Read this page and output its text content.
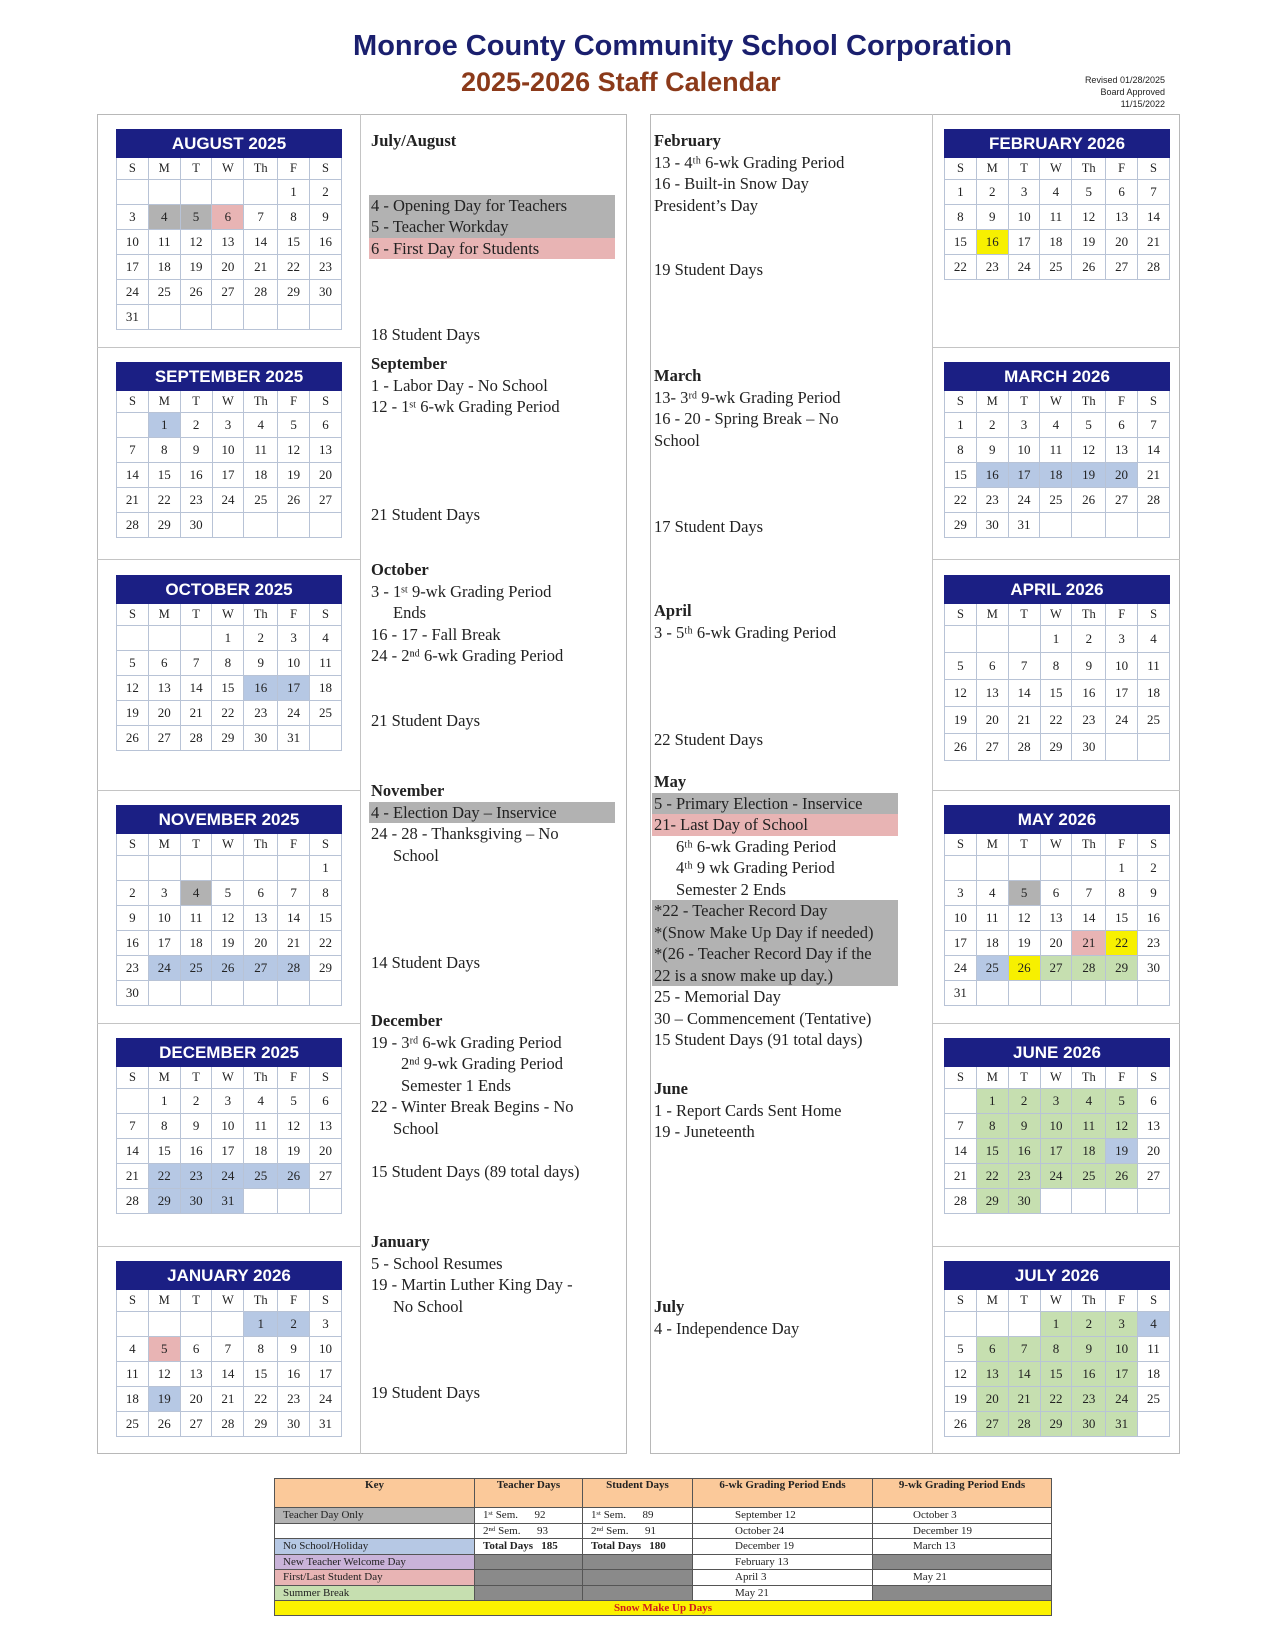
Monroe County Community School Corporation
2025-2026 Staff Calendar	Revised 01/28/2025
Board Approved
11/15/2022
AUGUST 2025						
S	M	T	W	Th	F	S
					1	2
3	4	5	6	7	8	9
10	11	12	13	14	15	16
17	18	19	20	21	22	23
24	25	26	27	28	29	30
31						
SEPTEMBER 2025						
S	M	T	W	Th	F	S
	1	2	3	4	5	6
7	8	9	10	11	12	13
14	15	16	17	18	19	20
21	22	23	24	25	26	27
28	29	30				
OCTOBER 2025						
S	M	T	W	Th	F	S
			1	2	3	4
5	6	7	8	9	10	11
12	13	14	15	16	17	18
19	20	21	22	23	24	25
26	27	28	29	30	31	
NOVEMBER 2025						
S	M	T	W	Th	F	S
						1
2	3	4	5	6	7	8
9	10	11	12	13	14	15
16	17	18	19	20	21	22
23	24	25	26	27	28	29
30						
DECEMBER 2025						
S	M	T	W	Th	F	S
	1	2	3	4	5	6
7	8	9	10	11	12	13
14	15	16	17	18	19	20
21	22	23	24	25	26	27
28	29	30	31			
JANUARY 2026						
S	M	T	W	Th	F	S
				1	2	3
4	5	6	7	8	9	10
11	12	13	14	15	16	17
18	19	20	21	22	23	24
25	26	27	28	29	30	31
FEBRUARY 2026						
S	M	T	W	Th	F	S
1	2	3	4	5	6	7
8	9	10	11	12	13	14
15	16	17	18	19	20	21
22	23	24	25	26	27	28
MARCH 2026						
S	M	T	W	Th	F	S
1	2	3	4	5	6	7
8	9	10	11	12	13	14
15	16	17	18	19	20	21
22	23	24	25	26	27	28
29	30	31				
APRIL 2026						
S	M	T	W	Th	F	S
			1	2	3	4
5	6	7	8	9	10	11
12	13	14	15	16	17	18
19	20	21	22	23	24	25
26	27	28	29	30		
MAY 2026						
S	M	T	W	Th	F	S
					1	2
3	4	5	6	7	8	9
10	11	12	13	14	15	16
17	18	19	20	21	22	23
24	25	26	27	28	29	30
31						
JUNE 2026						
S	M	T	W	Th	F	S
	1	2	3	4	5	6
7	8	9	10	11	12	13
14	15	16	17	18	19	20
21	22	23	24	25	26	27
28	29	30				
JULY 2026						
S	M	T	W	Th	F	S
			1	2	3	4
5	6	7	8	9	10	11
12	13	14	15	16	17	18
19	20	21	22	23	24	25
26	27	28	29	30	31	
July/August

4 - Opening Day for Teachers
5 - Teacher Workday
6 - First Day for Students

18 Student Days
September
1 - Labor Day - No School
12 - 1ˢᵗ 6-wk Grading Period

21 Student Days
October
3 - 1ˢᵗ 9-wk Grading Period
Ends
16 - 17 - Fall Break
24 - 2ⁿᵈ 6-wk Grading Period

21 Student Days
November
4 - Election Day – Inservice
24 - 28 - Thanksgiving – No
School

14 Student Days
December
19 - 3ʳᵈ 6-wk Grading Period
2ⁿᵈ 9-wk Grading Period
Semester 1 Ends
22 - Winter Break Begins - No
School

15 Student Days (89 total days)
January
5 - School Resumes
19 - Martin Luther King Day -
No School

19 Student Days
February
13 - 4ᵗʰ 6-wk Grading Period
16 - Built-in Snow Day
President’s Day

19 Student Days
March
13- 3ʳᵈ 9-wk Grading Period
16 - 20 - Spring Break – No
School

17 Student Days
April
3 - 5ᵗʰ 6-wk Grading Period

22 Student Days
May
5 - Primary Election - Inservice
21- Last Day of School
6ᵗʰ 6-wk Grading Period
4ᵗʰ 9 wk Grading Period
Semester 2 Ends
*22 - Teacher Record Day
*(Snow Make Up Day if needed)
*(26 - Teacher Record Day if the
22 is a snow make up day.)
25 - Memorial Day
30 – Commencement (Tentative)
15 Student Days (91 total days)
June
1 - Report Cards Sent Home
19 - Juneteenth
July
4 - Independence Day
Key	Teacher Days	Student Days	6-wk Grading Period Ends	9-wk Grading Period Ends
Teacher Day Only	1ˢᵗ Sem.      92	1ˢᵗ Sem.      89	September 12	October 3
	2ⁿᵈ Sem.      93	2ⁿᵈ Sem.      91	October 24	December 19
No School/Holiday	Total Days   185	Total Days   180	December 19	March 13
New Teacher Welcome Day			February 13	
First/Last Student Day			April 3	May 21
Summer Break			May 21	
Snow Make Up Days				
